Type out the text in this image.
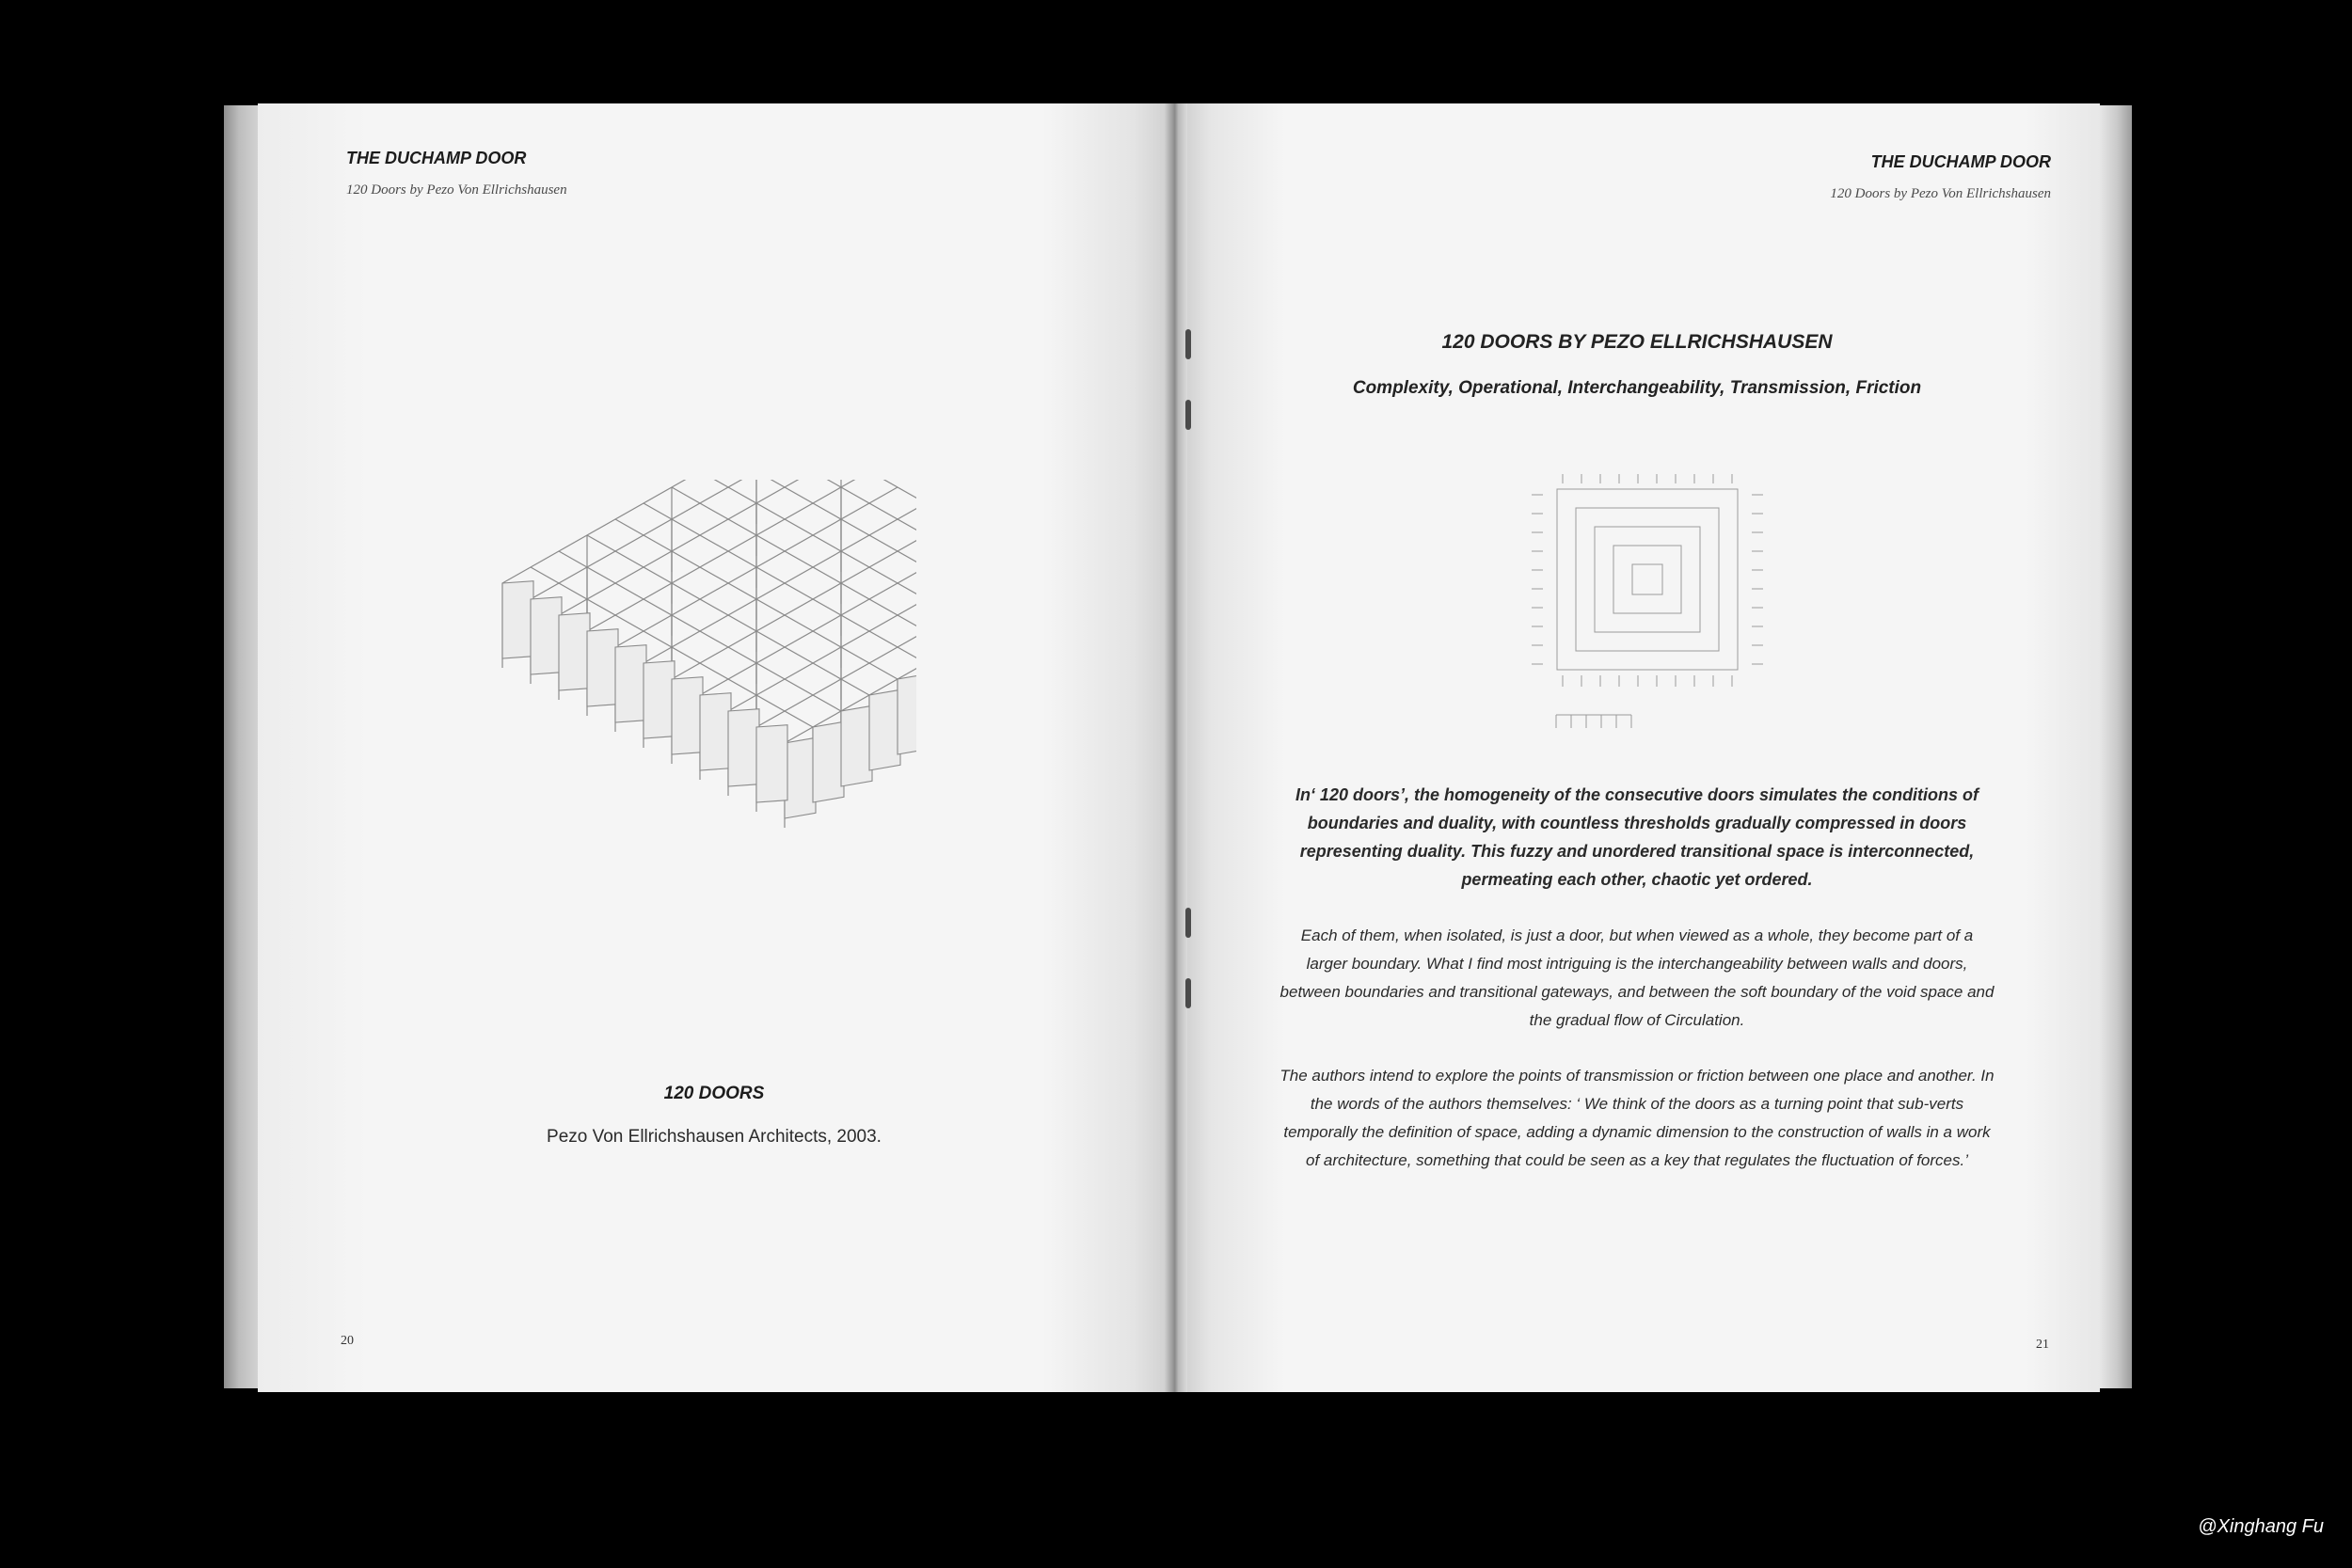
THE DUCHAMP DOOR
120 Doors by Pezo Von Ellrichshausen
120 DOORS
Pezo Von Ellrichshausen Architects, 2003.
20
THE DUCHAMP DOOR
120 Doors by Pezo Von Ellrichshausen
120 DOORS BY PEZO ELLRICHSHAUSEN
Complexity, Operational, Interchangeability, Transmission, Friction

In‘ 120 doors’, the homogeneity of the consecutive doors simulates the conditions of boundaries and duality, with countless thresholds gradually compressed in doors representing duality. This fuzzy and unordered transitional space is interconnected, permeating each other, chaotic yet ordered.

Each of them, when isolated, is just a door, but when viewed as a whole, they become part of a larger boundary. What I find most intriguing is the interchangeability between walls and doors, between boundaries and transitional gateways, and between the soft boundary of the void space and the gradual flow of Circulation.

The authors intend to explore the points of transmission or friction between one place and another. In the words of the authors themselves: ‘ We think of the doors as a turning point that sub-verts temporally the definition of space, adding a dynamic dimension to the construction of walls in a work of architecture, something that could be seen as a key that regulates the fluctuation of forces.’

21
@Xinghang Fu
